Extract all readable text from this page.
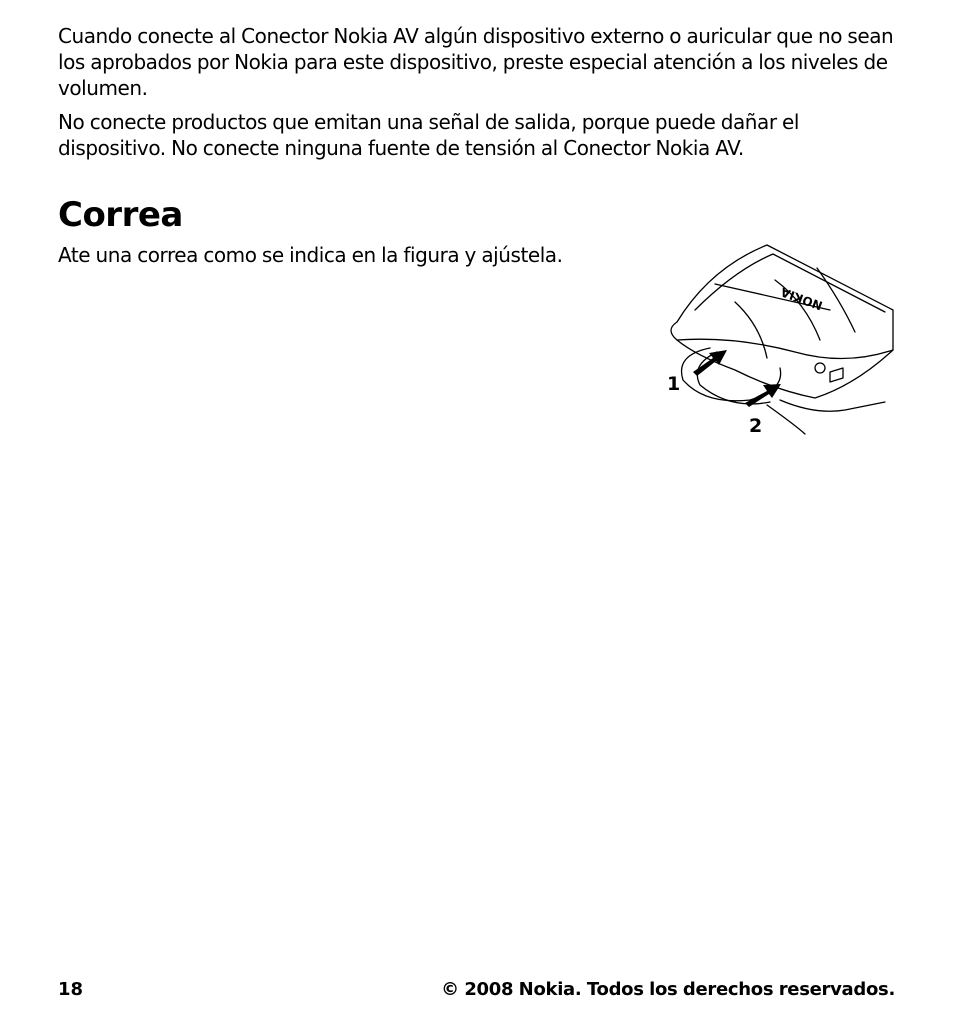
Cuando conecte al Conector Nokia AV algún dispositivo externo o auricular que no sean los aprobados por Nokia para este dispositivo, preste especial atención a los niveles de volumen.

No conecte productos que emitan una señal de salida, porque puede dañar el dispositivo. No conecte ninguna fuente de tensión al Conector Nokia AV.

Correa

Ate una correa como se indica en la figura y ajústela.

NOKIA
1
2

18	© 2008 Nokia. Todos los derechos reservados.
